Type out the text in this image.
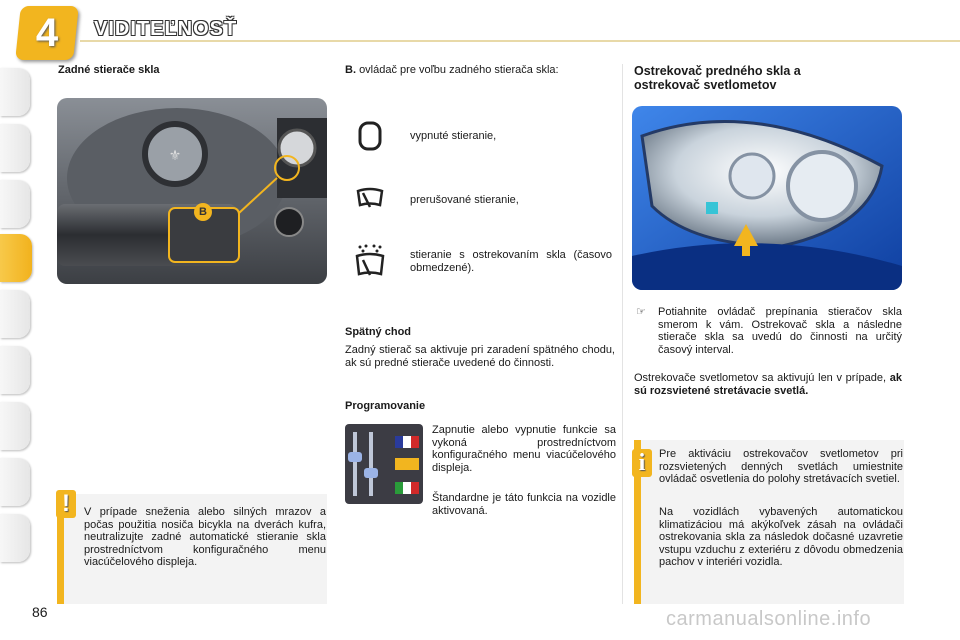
4	VIDITEĽNOSŤ
Zadné stierače skla
⚜
B
V prípade sneženia alebo silných mrazov a počas použitia nosiča bicykla na dverách kufra, neutralizujte zadné automatické stieranie skla prostredníctvom konfiguračného menu viacúčelového displeja.
!
B. ovládač pre voľbu zadného stierača skla:
vypnuté stieranie,
prerušované stieranie,
stieranie s ostrekovaním skla (časovo obmedzené).
Spätný chod
Zadný stierač sa aktivuje pri zaradení spätného chodu, ak sú predné stierače uvedené do činnosti.
Programovanie
Zapnutie alebo vypnutie funkcie sa vykoná prostredníctvom konfiguračného menu viacúčelového displeja.
Štandardne je táto funkcia na vozidle aktivovaná.
Ostrekovač predného skla a
ostrekovač svetlometov
☞	Potiahnite ovládač prepínania stieračov skla smerom k vám. Ostrekovač skla a následne stierače skla sa uvedú do činnosti na určitý časový interval.
Ostrekovače svetlometov sa aktivujú len v prípade, ak sú rozsvietené stretávacie svetlá.
Pre aktiváciu ostrekovačov svetlometov pri rozsvietených denných svetlách umiestnite ovládač osvetlenia do polohy stretávacích svetiel.
Na vozidlách vybavených automatickou klimatizáciou má akýkoľvek zásah na ovládači ostrekovania skla za následok dočasné uzavretie vstupu vzduchu z exteriéru z dôvodu obmedzenia pachov v interiéri vozidla.
i
86	carmanualsonline.info
